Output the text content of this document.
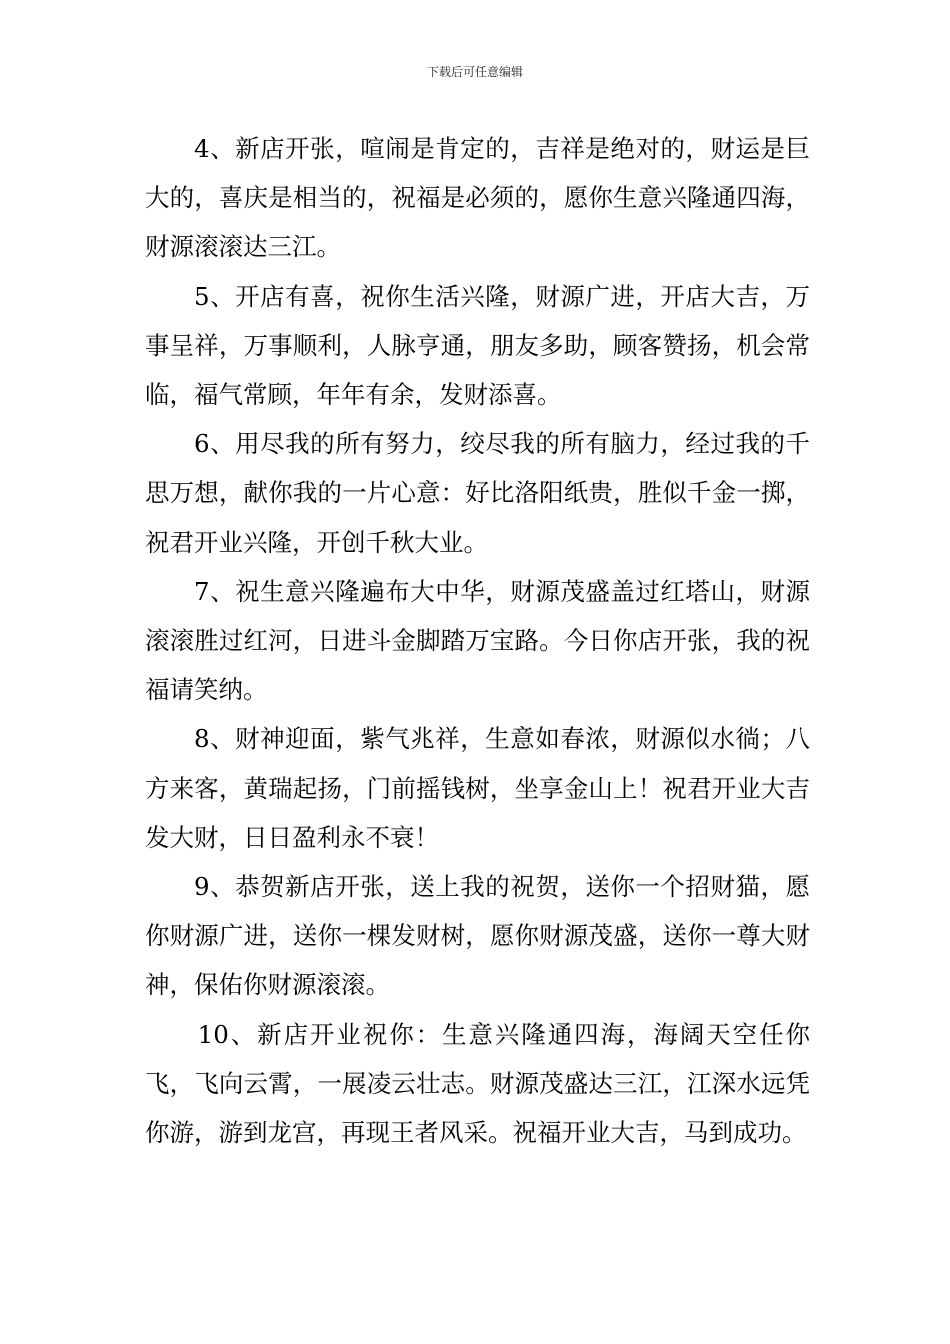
下载后可任意编辑

4、新店开张，喧闹是肯定的，吉祥是绝对的，财运是巨大的，喜庆是相当的，祝福是必须的，愿你生意兴隆通四海，财源滚滚达三江。

5、开店有喜，祝你生活兴隆，财源广进，开店大吉，万事呈祥，万事顺利，人脉亨通，朋友多助，顾客赞扬，机会常临，福气常顾，年年有余，发财添喜。

6、用尽我的所有努力，绞尽我的所有脑力，经过我的千思万想，献你我的一片心意：好比洛阳纸贵，胜似千金一掷，祝君开业兴隆，开创千秋大业。

7、祝生意兴隆遍布大中华，财源茂盛盖过红塔山，财源滚滚胜过红河，日进斗金脚踏万宝路。今日你店开张，我的祝福请笑纳。

8、财神迎面，紫气兆祥，生意如春浓，财源似水徜；八方来客，黄瑞起扬，门前摇钱树，坐享金山上！祝君开业大吉发大财，日日盈利永不衰！

9、恭贺新店开张，送上我的祝贺，送你一个招财猫，愿你财源广进，送你一棵发财树，愿你财源茂盛，送你一尊大财神，保佑你财源滚滚。

10、新店开业祝你：生意兴隆通四海，海阔天空任你飞，飞向云霄，一展凌云壮志。财源茂盛达三江，江深水远凭你游，游到龙宫，再现王者风采。祝福开业大吉，马到成功。
